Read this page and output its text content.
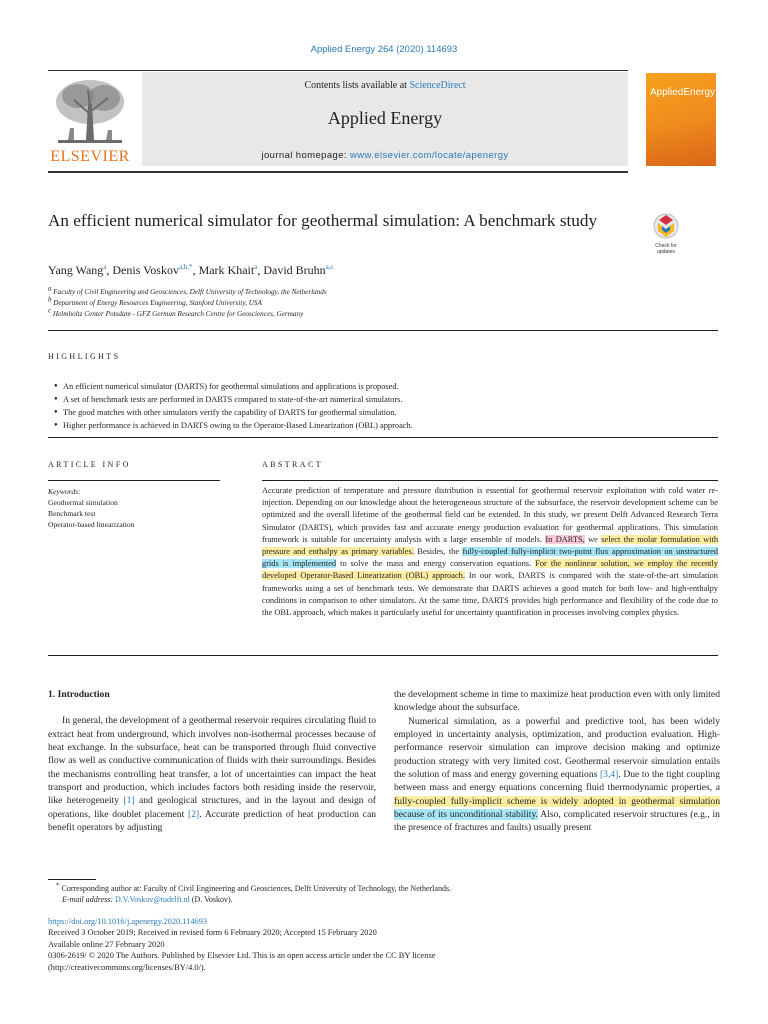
Applied Energy 264 (2020) 114693
ELSEVIER
Contents lists available at ScienceDirect
Applied Energy
journal homepage: www.elsevier.com/locate/apenergy
AppliedEnergy
An efficient numerical simulator for geothermal simulation: A benchmark study
Check for
updates
Yang Wang$^a$, Denis Voskov$^{a,b,*}$, Mark Khait$^a$, David Bruhn$^{a,c}$
$^a$ Faculty of Civil Engineering and Geosciences, Delft University of Technology, the Netherlands
$^b$ Department of Energy Resources Engineering, Stanford University, USA
$^c$ Helmholtz Center Potsdam - GFZ German Research Centre for Geosciences, Germany
HIGHLIGHTS
● An efficient numerical simulator (DARTS) for geothermal simulations and applications is proposed.
● A set of benchmark tests are performed in DARTS compared to state-of-the-art numerical simulators.
● The good matches with other simulators verify the capability of DARTS for geothermal simulation.
● Higher performance is achieved in DARTS owing to the Operator-Based Linearization (OBL) approach.
ARTICLE INFO
Keywords:
Geothermal simulation
Benchmark test
Operator-based linearization
ABSTRACT
Accurate prediction of temperature and pressure distribution is essential for geothermal reservoir exploitation with cold water re-injection. Depending on our knowledge about the heterogeneous structure of the subsurface, the reservoir development scheme can be optimized and the overall lifetime of the geothermal field can be extended. In this study, we present Delft Advanced Research Terra Simulator (DARTS), which provides fast and accurate energy production evaluation for geothermal applications. This simulation framework is suitable for uncertainty analysis with a large ensemble of models. In DARTS, we select the molar formulation with pressure and enthalpy as primary variables. Besides, the fully-coupled fully-implicit two-point flux approximation on unstructured grids is implemented to solve the mass and energy conservation equations. For the nonlinear solution, we employ the recently developed Operator-Based Linearization (OBL) approach. In our work, DARTS is compared with the state-of-the-art simulation frameworks using a set of benchmark tests. We demonstrate that DARTS achieves a good match for both low- and high-enthalpy conditions in comparison to other simulators. At the same time, DARTS provides high performance and flexibility of the code due to the OBL approach, which makes it particularly useful for uncertainty quantification in processes involving complex physics.
1. Introduction

In general, the development of a geothermal reservoir requires circulating fluid to extract heat from underground, which involves non-isothermal processes because of heat exchange. In the subsurface, heat can be transported through fluid convective flow as well as conductive communication of fluids with their surroundings. Besides the mechanisms controlling heat transfer, a lot of uncertainties can impact the heat transport and production, which includes factors both residing inside the reservoir, like heterogeneity [1] and geological structures, and in the layout and design of operations, like doublet placement [2]. Accurate prediction of heat production can benefit operators by adjusting

the development scheme in time to maximize heat production even with only limited knowledge about the subsurface.

Numerical simulation, as a powerful and predictive tool, has been widely employed in uncertainty analysis, optimization, and production evaluation. High-performance reservoir simulation can improve decision making and optimize production strategy with very limited cost. Geothermal reservoir simulation entails the solution of mass and energy governing equations [3,4]. Due to the tight coupling between mass and energy equations concerning fluid thermodynamic properties, a fully-coupled fully-implicit scheme is widely adopted in geothermal simulation because of its unconditional stability. Also, complicated reservoir structures (e.g., in the presence of fractures and faults) usually present

* Corresponding author at: Faculty of Civil Engineering and Geosciences, Delft University of Technology, the Netherlands.
E-mail address: D.V.Voskov@tudelft.nl (D. Voskov).
https://doi.org/10.1016/j.apenergy.2020.114693
Received 3 October 2019; Received in revised form 6 February 2020; Accepted 15 February 2020
Available online 27 February 2020
0306-2619/ © 2020 The Authors. Published by Elsevier Ltd. This is an open access article under the CC BY license
(http://creativecommons.org/licenses/BY/4.0/).
